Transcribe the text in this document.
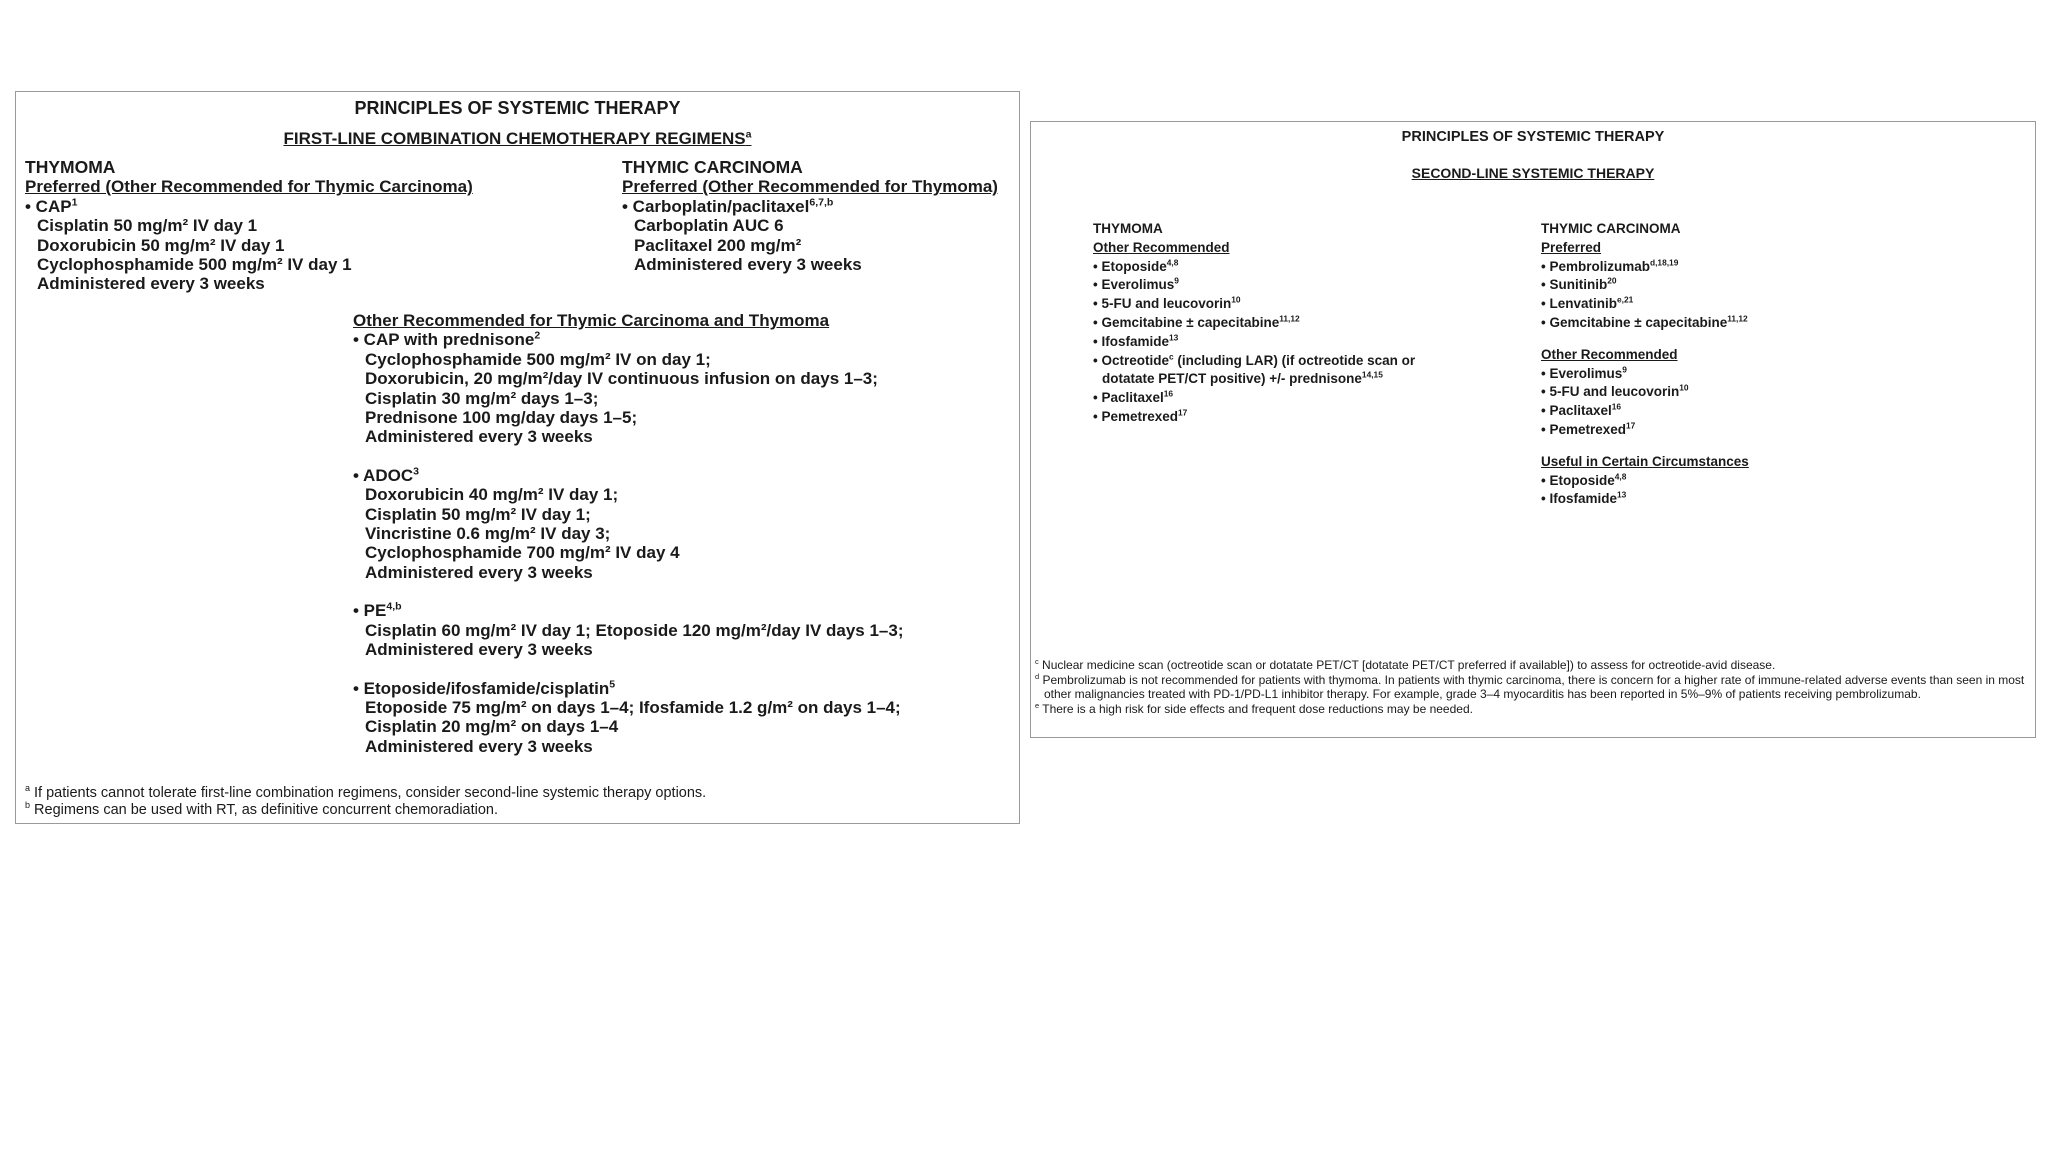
PRINCIPLES OF SYSTEMIC THERAPY
FIRST-LINE COMBINATION CHEMOTHERAPY REGIMENS$^a$
THYMOMA
Preferred (Other Recommended for Thymic Carcinoma)
• CAP$^1$
Cisplatin 50 mg/m² IV day 1
Doxorubicin 50 mg/m² IV day 1
Cyclophosphamide 500 mg/m² IV day 1
Administered every 3 weeks
THYMIC CARCINOMA
Preferred (Other Recommended for Thymoma)
• Carboplatin/paclitaxel$^{6,7,b}$
Carboplatin AUC 6
Paclitaxel 200 mg/m²
Administered every 3 weeks
Other Recommended for Thymic Carcinoma and Thymoma
• CAP with prednisone$^2$
Cyclophosphamide 500 mg/m² IV on day 1;
Doxorubicin, 20 mg/m²/day IV continuous infusion on days 1–3;
Cisplatin 30 mg/m² days 1–3;
Prednisone 100 mg/day days 1–5;
Administered every 3 weeks
• ADOC$^3$
Doxorubicin 40 mg/m² IV day 1;
Cisplatin 50 mg/m² IV day 1;
Vincristine 0.6 mg/m² IV day 3;
Cyclophosphamide 700 mg/m² IV day 4
Administered every 3 weeks
• PE$^{4,b}$
Cisplatin 60 mg/m² IV day 1; Etoposide 120 mg/m²/day IV days 1–3;
Administered every 3 weeks
• Etoposide/ifosfamide/cisplatin$^5$
Etoposide 75 mg/m² on days 1–4; Ifosfamide 1.2 g/m² on days 1–4;
Cisplatin 20 mg/m² on days 1–4
Administered every 3 weeks
$^a$ If patients cannot tolerate first-line combination regimens, consider second-line systemic therapy options.
$^b$ Regimens can be used with RT, as definitive concurrent chemoradiation.
PRINCIPLES OF SYSTEMIC THERAPY
SECOND-LINE SYSTEMIC THERAPY
THYMOMA
Other Recommended
• Etoposide$^{4,8}$
• Everolimus$^9$
• 5-FU and leucovorin$^{10}$
• Gemcitabine ± capecitabine$^{11,12}$
• Ifosfamide$^{13}$
• Octreotide$^c$ (including LAR) (if octreotide scan or
dotatate PET/CT positive) +/- prednisone$^{14,15}$
• Paclitaxel$^{16}$
• Pemetrexed$^{17}$
THYMIC CARCINOMA
Preferred
• Pembrolizumab$^{d,18,19}$
• Sunitinib$^{20}$
• Lenvatinib$^{e,21}$
• Gemcitabine ± capecitabine$^{11,12}$
Other Recommended
• Everolimus$^9$
• 5-FU and leucovorin$^{10}$
• Paclitaxel$^{16}$
• Pemetrexed$^{17}$
Useful in Certain Circumstances
• Etoposide$^{4,8}$
• Ifosfamide$^{13}$
$^c$ Nuclear medicine scan (octreotide scan or dotatate PET/CT [dotatate PET/CT preferred if available]) to assess for octreotide-avid disease.
$^d$ Pembrolizumab is not recommended for patients with thymoma. In patients with thymic carcinoma, there is concern for a higher rate of immune-related adverse events than seen in most other malignancies treated with PD-1/PD-L1 inhibitor therapy. For example, grade 3–4 myocarditis has been reported in 5%–9% of patients receiving pembrolizumab.
$^e$ There is a high risk for side effects and frequent dose reductions may be needed.
